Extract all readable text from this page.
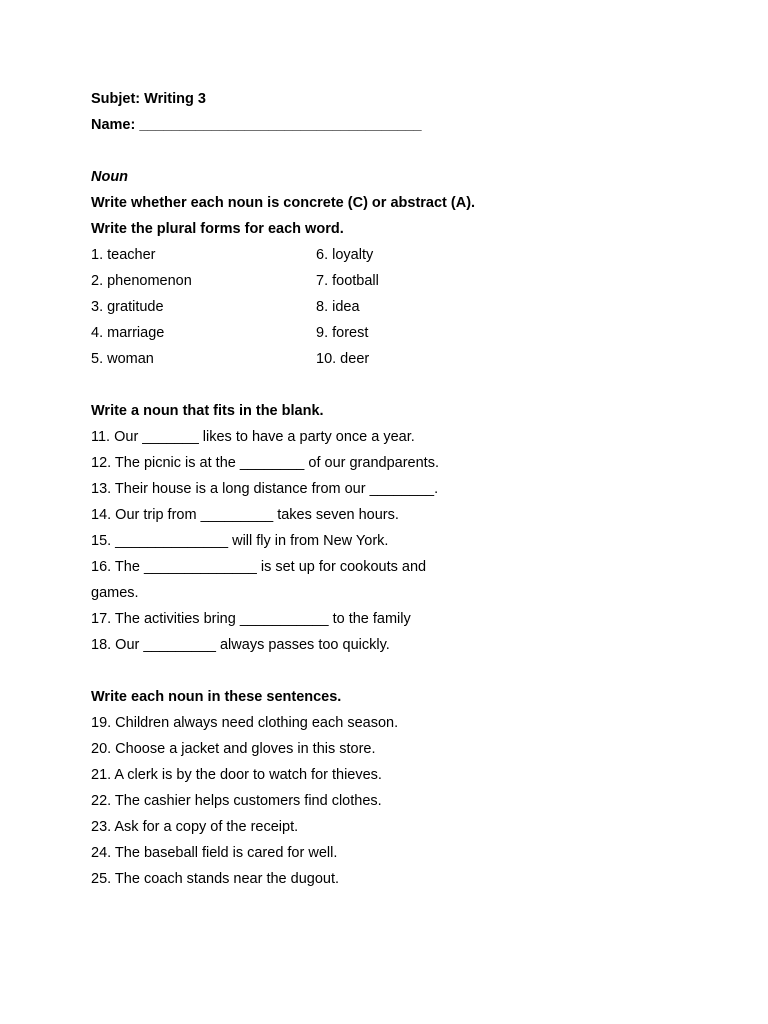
Subjet: Writing 3
Name: ___________________________________
Noun
Write whether each noun is concrete (C) or abstract (A).
Write the plural forms for each word.
1. teacher
2. phenomenon
3. gratitude
4. marriage
5. woman
6. loyalty
7. football
8. idea
9. forest
10. deer
Write a noun that fits in the blank.
11. Our _______ likes to have a party once a year.
12. The picnic is at the ________ of our grandparents.
13. Their house is a long distance from our ________.
14. Our trip from _________ takes seven hours.
15. ______________ will fly in from New York.
16. The ______________ is set up for cookouts and
games.
17. The activities bring ___________ to the family
18. Our _________ always passes too quickly.
Write each noun in these sentences.
19. Children always need clothing each season.
20. Choose a jacket and gloves in this store.
21. A clerk is by the door to watch for thieves.
22. The cashier helps customers find clothes.
23. Ask for a copy of the receipt.
24. The baseball field is cared for well.
25. The coach stands near the dugout.
